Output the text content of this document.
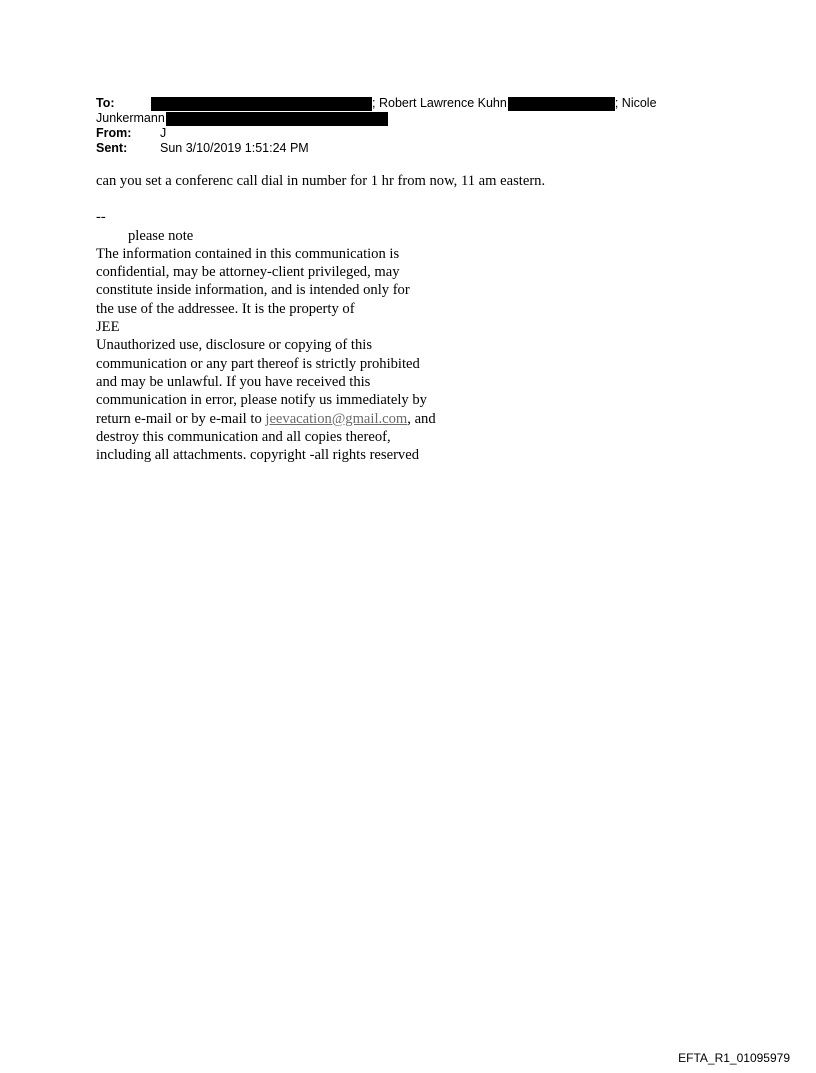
To:	; Robert Lawrence Kuhn	; Nicole
Junkermann
From: J
Sent:	Sun 3/10/2019 1:51:24 PM
can you set a conferenc call dial in number for 1 hr from now, 11 am eastern.
--
please note
The information contained in this communication is
confidential, may be attorney-client privileged, may
constitute inside information, and is intended only for
the use of the addressee. It is the property of
JEE
Unauthorized use, disclosure or copying of this
communication or any part thereof is strictly prohibited
and may be unlawful. If you have received this
communication in error, please notify us immediately by
return e-mail or by e-mail to jeevacation@gmail.com, and
destroy this communication and all copies thereof,
including all attachments. copyright -all rights reserved
EFTA_R1_01095979
